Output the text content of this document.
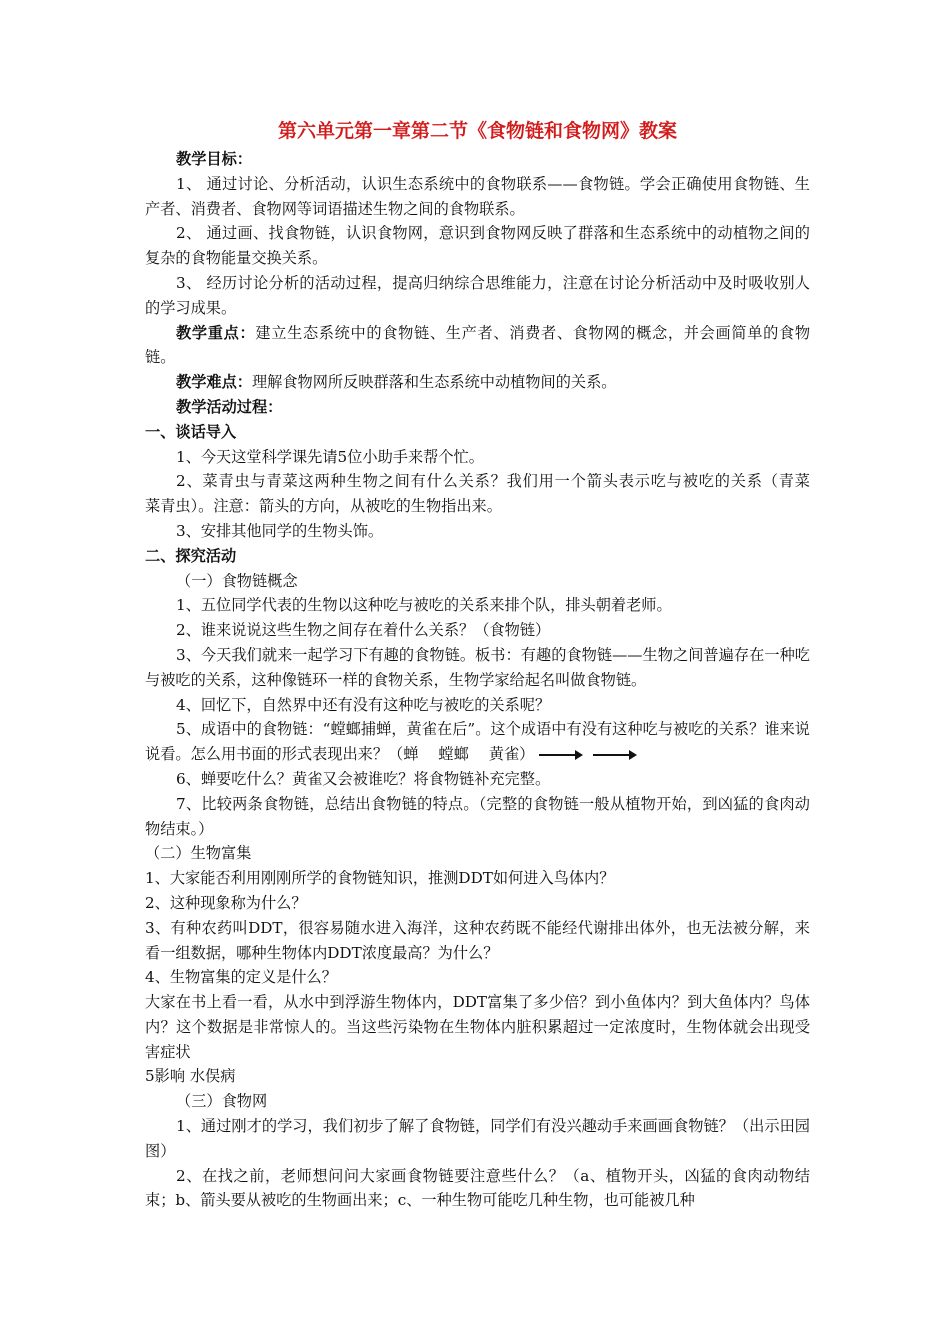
第六单元第一章第二节《食物链和食物网》教案

教学目标：

1、 通过讨论、分析活动，认识生态系统中的食物联系——食物链。学会正确使用食物链、生产者、消费者、食物网等词语描述生物之间的食物联系。

2、 通过画、找食物链，认识食物网，意识到食物网反映了群落和生态系统中的动植物之间的复杂的食物能量交换关系。

3、 经历讨论分析的活动过程，提高归纳综合思维能力，注意在讨论分析活动中及时吸收别人的学习成果。

教学重点：建立生态系统中的食物链、生产者、消费者、食物网的概念，并会画简单的食物链。

教学难点：理解食物网所反映群落和生态系统中动植物间的关系。

教学活动过程：

一、谈话导入

1、今天这堂科学课先请5位小助手来帮个忙。

2、菜青虫与青菜这两种生物之间有什么关系？我们用一个箭头表示吃与被吃的关系（青菜　　菜青虫）。注意：箭头的方向，从被吃的生物指出来。

3、安排其他同学的生物头饰。

二、探究活动

（一）食物链概念

1、五位同学代表的生物以这种吃与被吃的关系来排个队，排头朝着老师。

2、谁来说说这些生物之间存在着什么关系？（食物链）

3、今天我们就来一起学习下有趣的食物链。板书：有趣的食物链——生物之间普遍存在一种吃与被吃的关系，这种像链环一样的食物关系，生物学家给起名叫做食物链。

4、回忆下，自然界中还有没有这种吃与被吃的关系呢？

5、成语中的食物链：“螳螂捕蝉，黄雀在后”。这个成语中有没有这种吃与被吃的关系？谁来说说看。怎么用书面的形式表现出来？（蝉　 螳螂　 黄雀）

6、蝉要吃什么？黄雀又会被谁吃？将食物链补充完整。

7、比较两条食物链，总结出食物链的特点。（完整的食物链一般从植物开始，到凶猛的食肉动物结束。）

（二）生物富集

1、大家能否利用刚刚所学的食物链知识，推测DDT如何进入鸟体内？

2、这种现象称为什么？

3、有种农药叫DDT，很容易随水进入海洋，这种农药既不能经代谢排出体外，也无法被分解，来看一组数据，哪种生物体内DDT浓度最高？为什么？

4、生物富集的定义是什么？

大家在书上看一看，从水中到浮游生物体内，DDT富集了多少倍？到小鱼体内？到大鱼体内？鸟体内？这个数据是非常惊人的。当这些污染物在生物体内脏积累超过一定浓度时，生物体就会出现受害症状

5影响 水俣病

（三）食物网

1、通过刚才的学习，我们初步了解了食物链，同学们有没兴趣动手来画画食物链？（出示田园图）

2、在找之前，老师想问问大家画食物链要注意些什么？（a、植物开头，凶猛的食肉动物结束；b、箭头要从被吃的生物画出来；c、一种生物可能吃几种生物，也可能被几种
